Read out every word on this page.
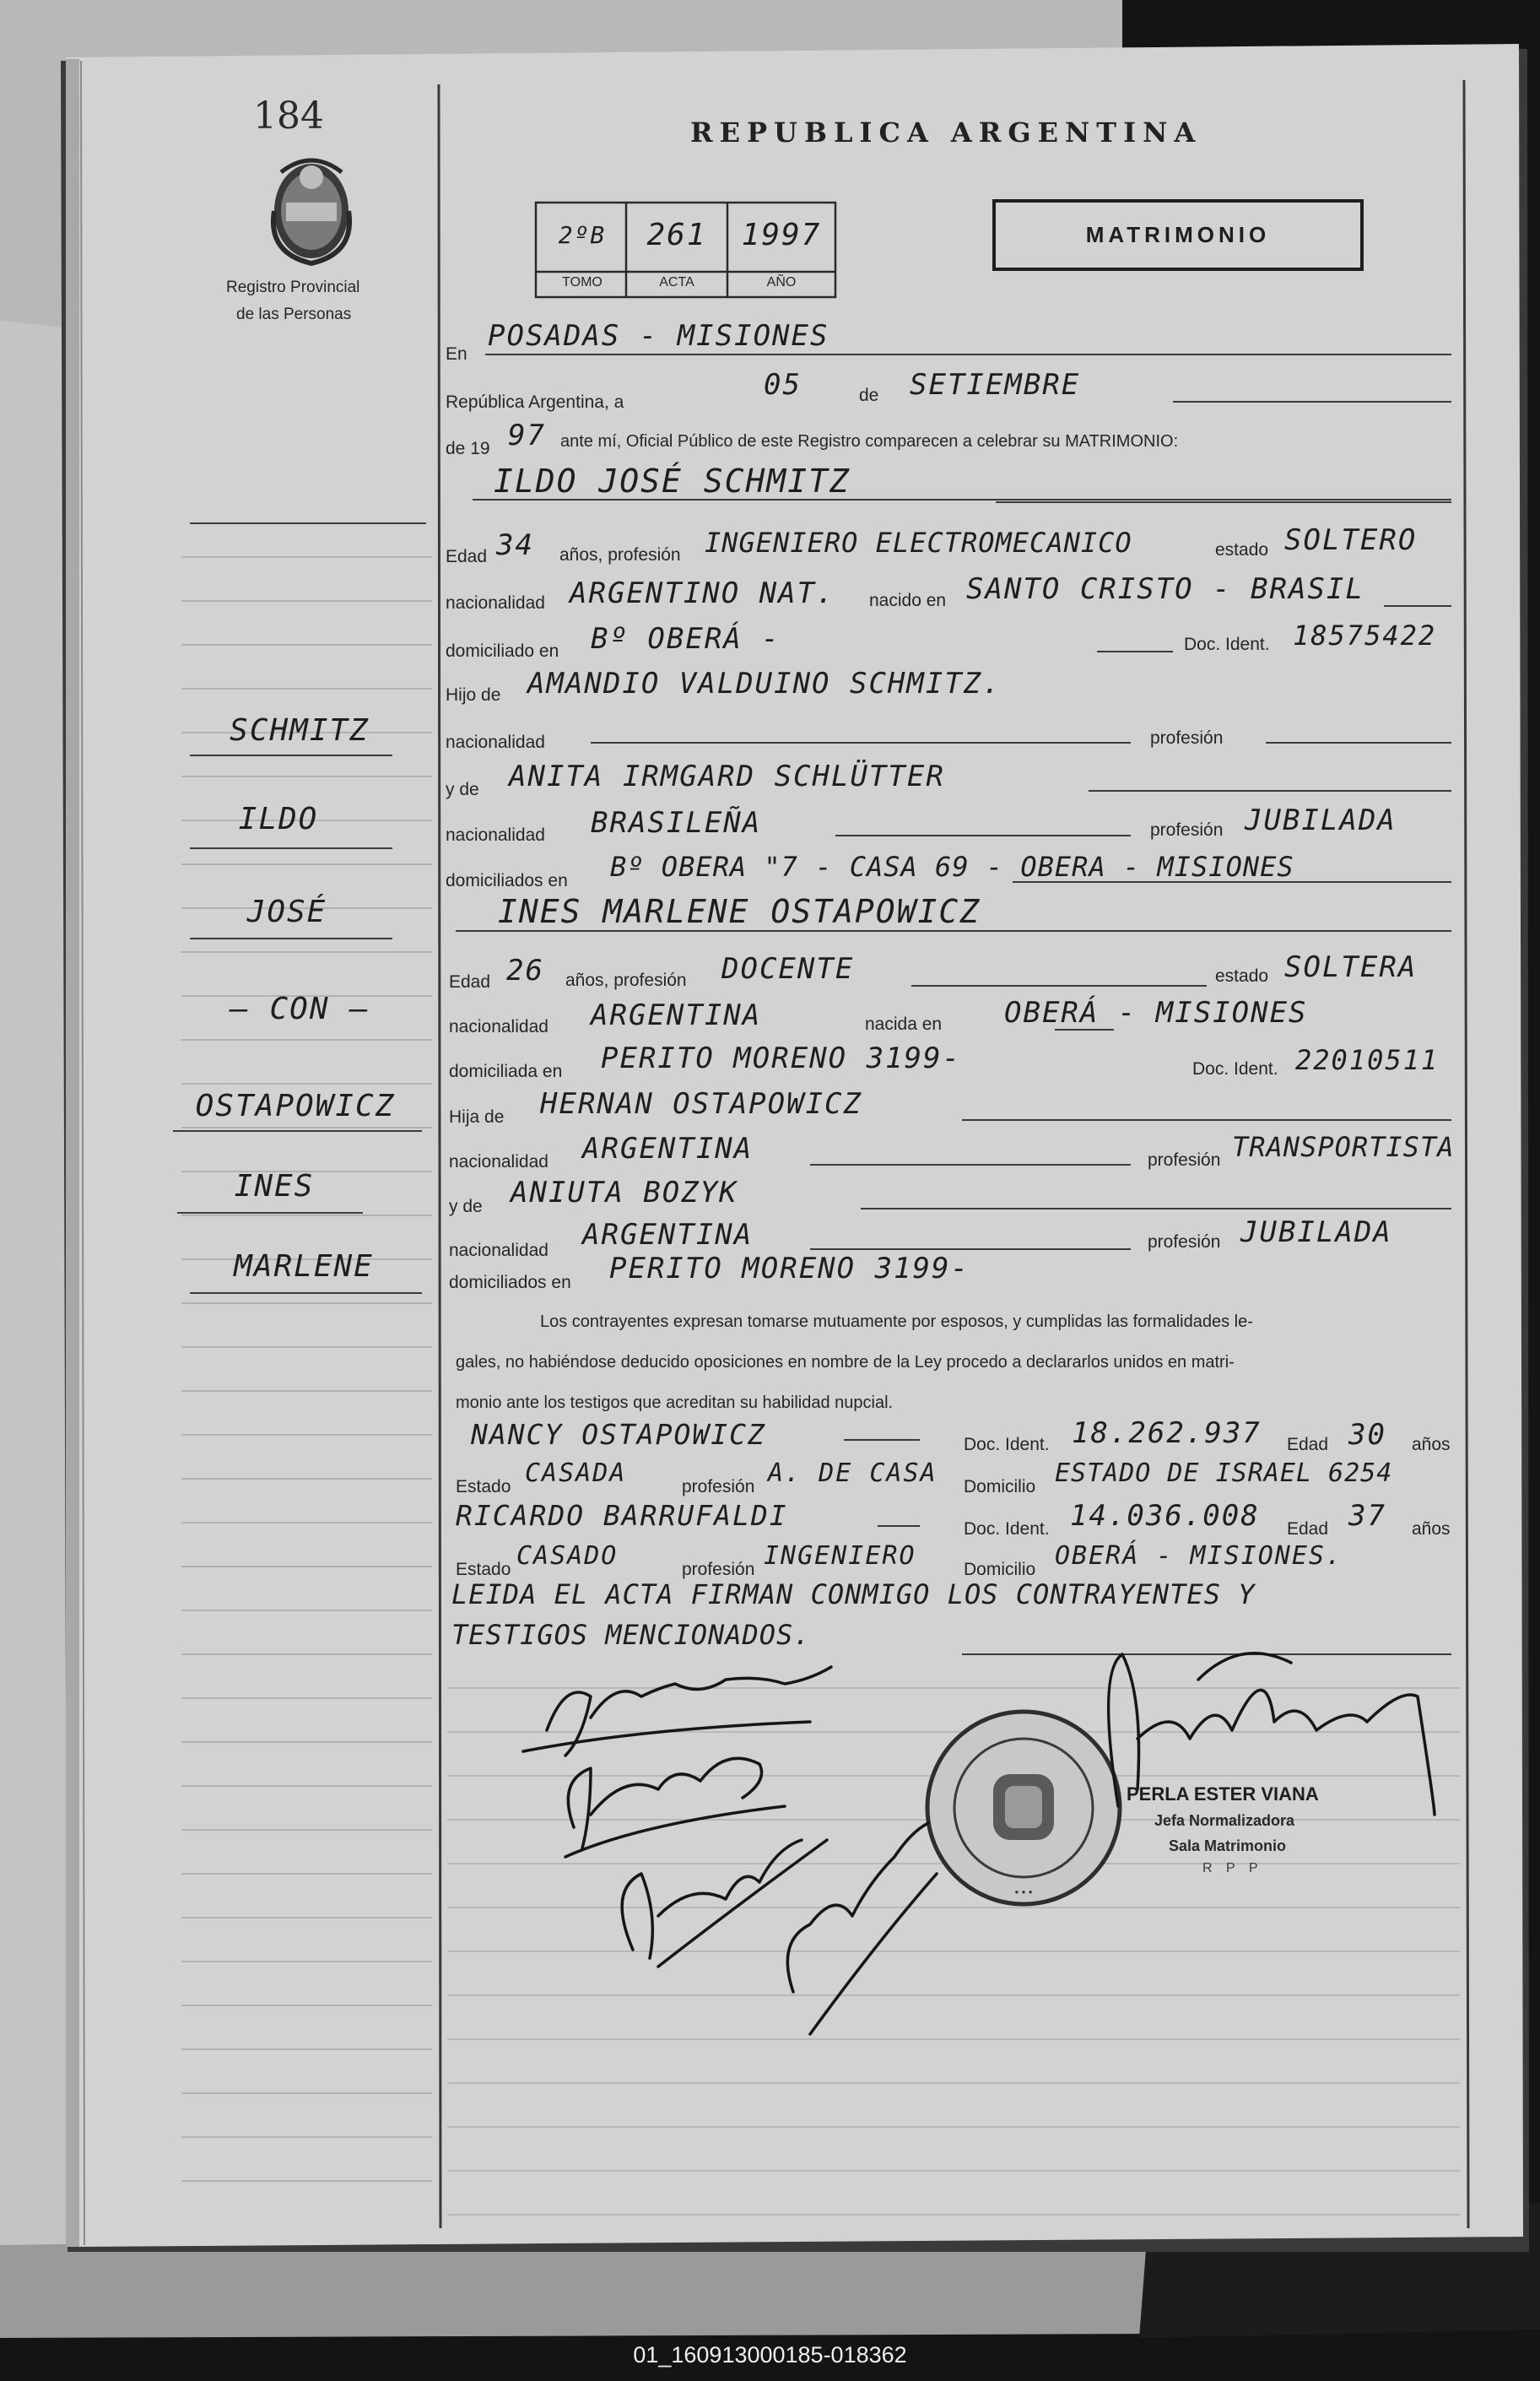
• • •
184
Registro Provincial
de las Personas
REPUBLICA ARGENTINA
MATRIMONIO
2ºB	261	1997
TOMO	ACTA	AÑO
En
POSADAS - MISIONES
República Argentina, a
05	de SETIEMBRE
de 19 97 ante mí, Oficial Público de este Registro comparecen a celebrar su MATRIMONIO:
ILDO JOSÉ SCHMITZ
Edad 34 años, profesión INGENIERO ELECTROMECANICO	estado SOLTERO
nacionalidad ARGENTINO NAT. nacido en SANTO CRISTO - BRASIL
domiciliado en Bº OBERÁ -	Doc. Ident. 18575422
Hijo de AMANDIO VALDUINO SCHMITZ.
nacionalidad	profesión
y de ANITA IRMGARD SCHLÜTTER
nacionalidad BRASILEÑA	profesión JUBILADA
domiciliados en Bº OBERA "7 - CASA 69 - OBERA - MISIONES
INES MARLENE OSTAPOWICZ
Edad 26 años, profesión DOCENTE	estado SOLTERA
nacionalidad ARGENTINA	nacida en OBERÁ - MISIONES
domiciliada en PERITO MORENO 3199-	Doc. Ident. 22010511
Hija de HERNAN OSTAPOWICZ
nacionalidad ARGENTINA	profesión TRANSPORTISTA
y de ANIUTA BOZYK
nacionalidad ARGENTINA	profesión JUBILADA
domiciliados en PERITO MORENO 3199-
Los contrayentes expresan tomarse mutuamente por esposos, y cumplidas las formalidades le-
gales, no habiéndose deducido oposiciones en nombre de la Ley procedo a declararlos unidos en matri-
monio ante los testigos que acreditan su habilidad nupcial.
NANCY OSTAPOWICZ	Doc. Ident. 18.262.937 Edad 30 años
Estado CASADA	profesión A. DE CASA Domicilio ESTADO DE ISRAEL 6254
RICARDO BARRUFALDI	Doc. Ident. 14.036.008 Edad 37 años
Estado CASADO	profesión INGENIERO	Domicilio OBERÁ - MISIONES.
LEIDA EL ACTA FIRMAN CONMIGO LOS CONTRAYENTES Y
TESTIGOS MENCIONADOS.
PERLA ESTER VIANA
Jefa Normalizadora
Sala Matrimonio
R P P
SCHMITZ
ILDO
JOSÉ
— CON —
OSTAPOWICZ
INES
MARLENE
01_160913000185-018362
